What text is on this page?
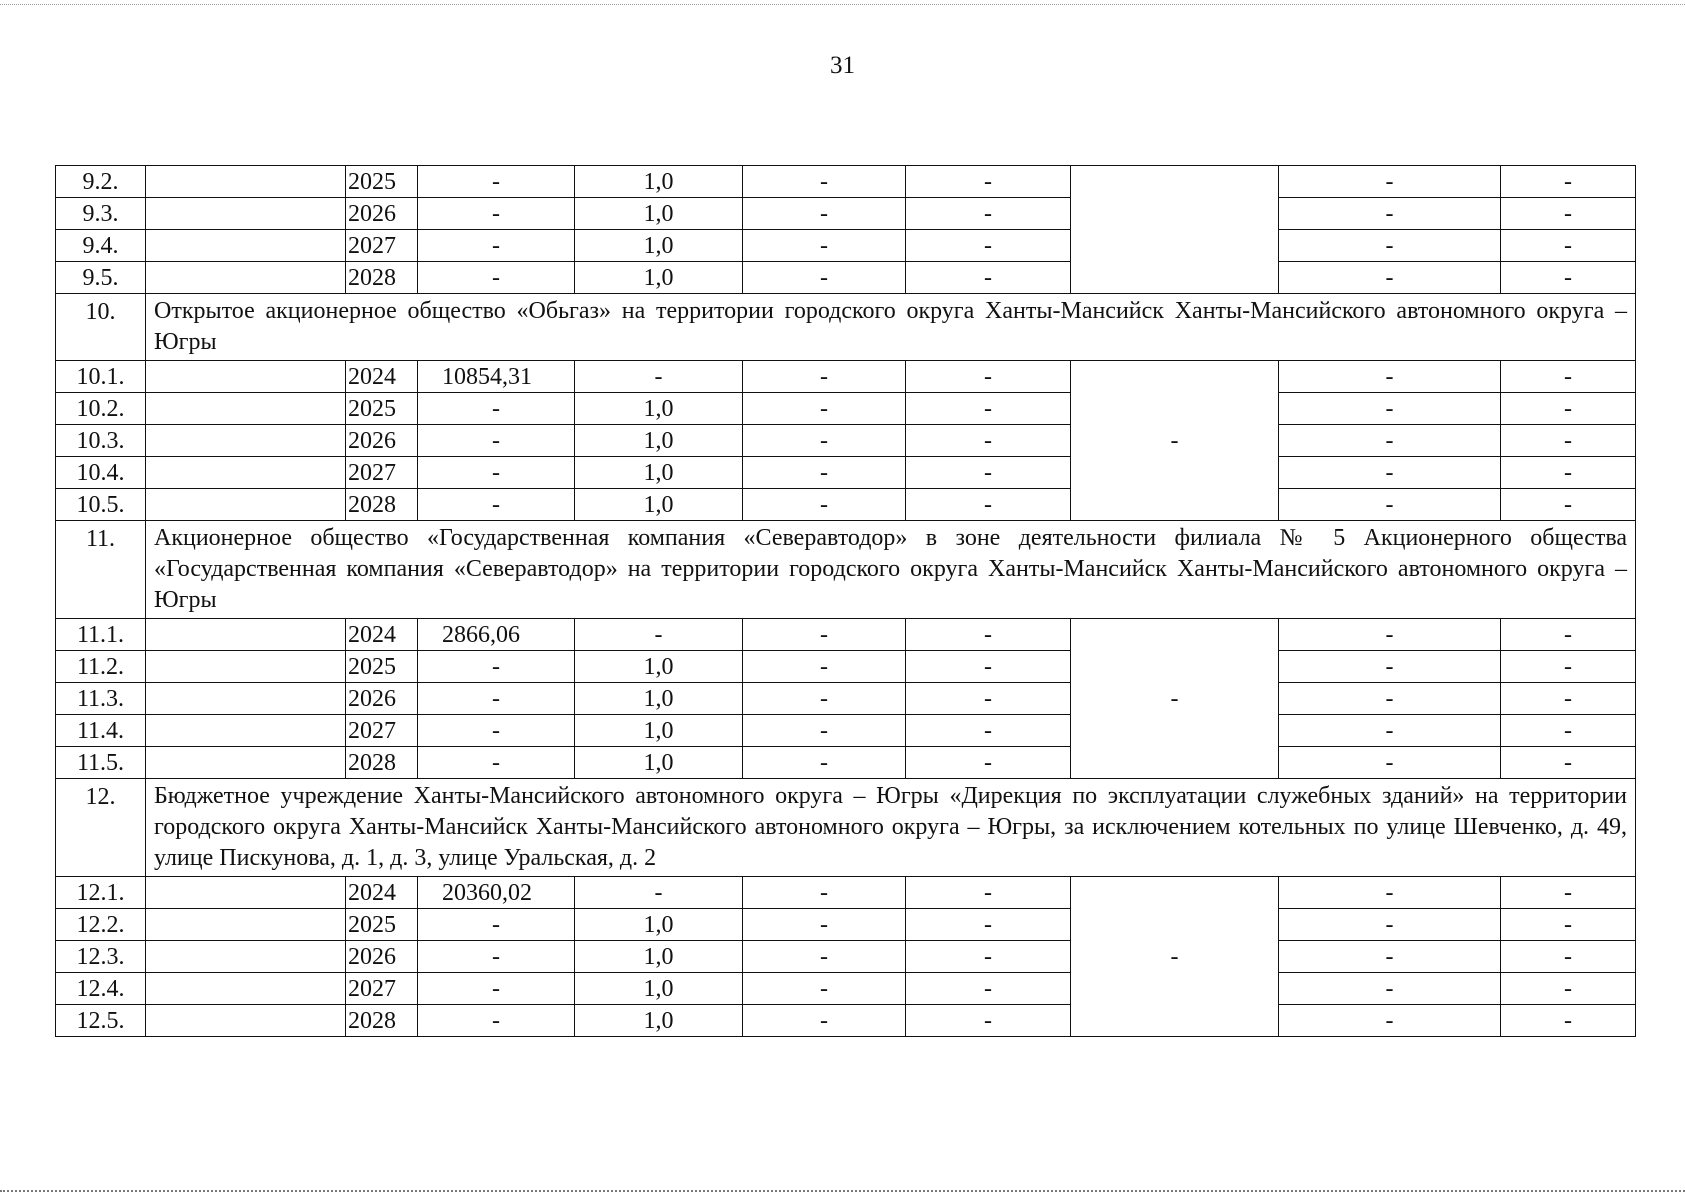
31
9.2.		2025	-	1,0	-	-		-	-
9.3.		2026	-	1,0	-	-		-	-
9.4.		2027	-	1,0	-	-		-	-
9.5.		2028	-	1,0	-	-		-	-
10.	Открытое акционерное общество «Обьгаз» на территории городского округа Ханты-Мансийск Ханты-Мансийского автономного округа – Югры								
10.1.		2024	10854,31	-	-	-	-	-	-
10.2.		2025	-	1,0	-	-		-	-
10.3.		2026	-	1,0	-	-		-	-
10.4.		2027	-	1,0	-	-		-	-
10.5.		2028	-	1,0	-	-		-	-
11.	Акционерное общество «Государственная компания «Северавтодор» в зоне деятельности филиала № 5 Акционерного общества «Государственная компания «Северавтодор» на территории городского округа Ханты-Мансийск Ханты-Мансийского автономного округа – Югры								
11.1.		2024	2866,06	-	-	-	-	-	-
11.2.		2025	-	1,0	-	-		-	-
11.3.		2026	-	1,0	-	-		-	-
11.4.		2027	-	1,0	-	-		-	-
11.5.		2028	-	1,0	-	-		-	-
12.	Бюджетное учреждение Ханты-Мансийского автономного округа – Югры «Дирекция по эксплуатации служебных зданий» на территории городского округа Ханты-Мансийск Ханты-Мансийского автономного округа – Югры, за исключением котельных по улице Шевченко, д. 49, улице Пискунова, д. 1, д. 3, улице Уральская, д. 2								
12.1.		2024	20360,02	-	-	-	-	-	-
12.2.		2025	-	1,0	-	-		-	-
12.3.		2026	-	1,0	-	-		-	-
12.4.		2027	-	1,0	-	-		-	-
12.5.		2028	-	1,0	-	-		-	-
